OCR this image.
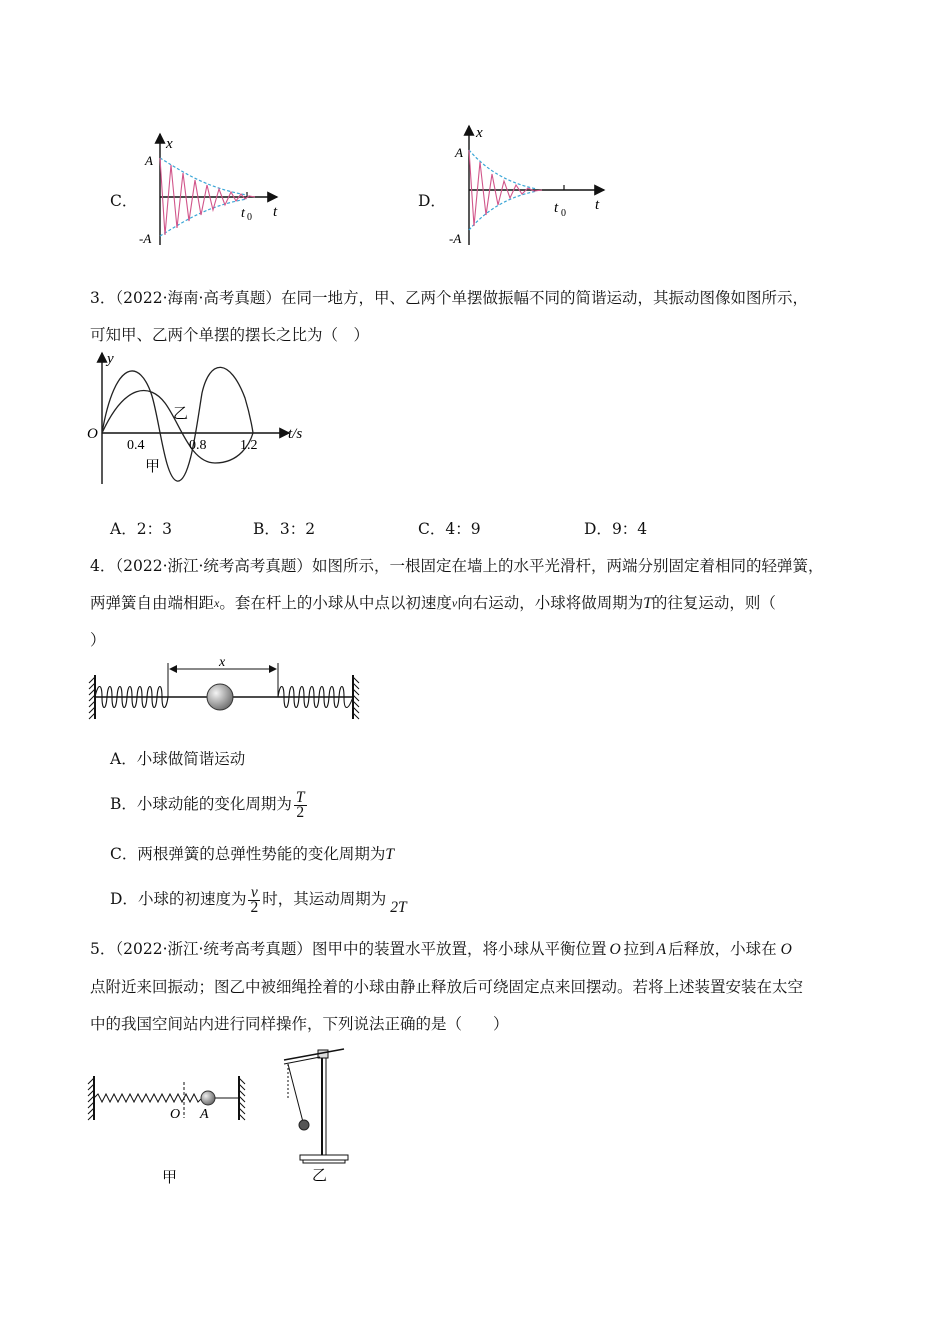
C．
x
t
A
-A
t 0
D．
x
t
A
-A
t 0
3．（2022·海南·高考真题）在同一地方，甲、乙两个单摆做振幅不同的简谐运动，其振动图像如图所示，
可知甲、乙两个单摆的摆长之比为（　）
y
O	t/s
0.4	0.8 1.2
乙
甲
A．2：3	B．3：2	C．4：9	D．9：4
4．（2022·浙江·统考高考真题）如图所示，一根固定在墙上的水平光滑杆，两端分别固定着相同的轻弹簧，
两弹簧自由端相距$^x$。套在杆上的小球从中点以初速度$^v$向右运动，小球将做周期为T的往复运动，则（
）
x
A．小球做简谐运动
B．小球动能的变化周期为 $\frac{T}{2}$
C．两根弹簧的总弹性势能的变化周期为T
D．小球的初速度为 $\frac{v}{2}$ 时，其运动周期为 2T
5．（2022·浙江·统考高考真题）图甲中的装置水平放置，将小球从平衡位置 O 拉到 A 后释放，小球在 O
点附近来回振动；图乙中被细绳拴着的小球由静止释放后可绕固定点来回摆动。若将上述装置安装在太空
中的我国空间站内进行同样操作，下列说法正确的是（　　）
O A
甲	乙
